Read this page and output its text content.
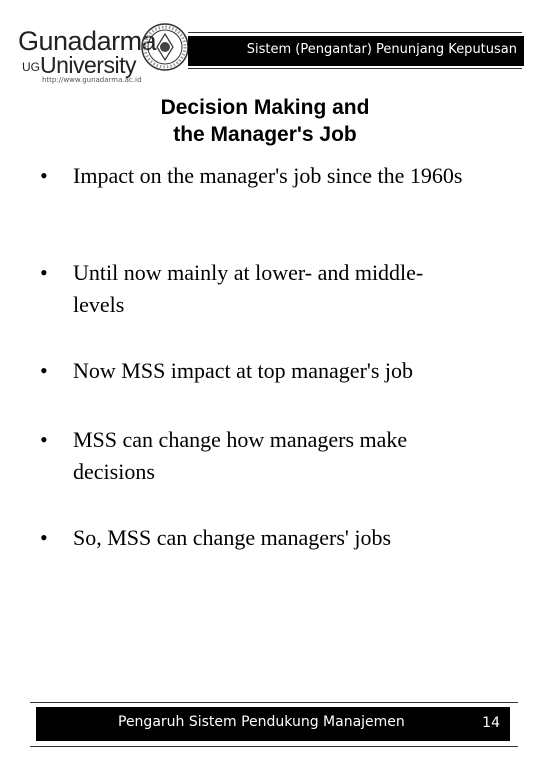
Gunadarma
UG University
http://www.gunadarma.ac.id
Sistem (Pengantar) Penunjang Keputusan
Decision Making and
the Manager's Job
• Impact on the manager's job since the 1960s
• Until now mainly at lower- and middle-levels
• Now MSS impact at top manager's job
• MSS can change how managers make decisions
• So, MSS can change managers' jobs
Pengaruh Sistem Pendukung Manajemen	14
